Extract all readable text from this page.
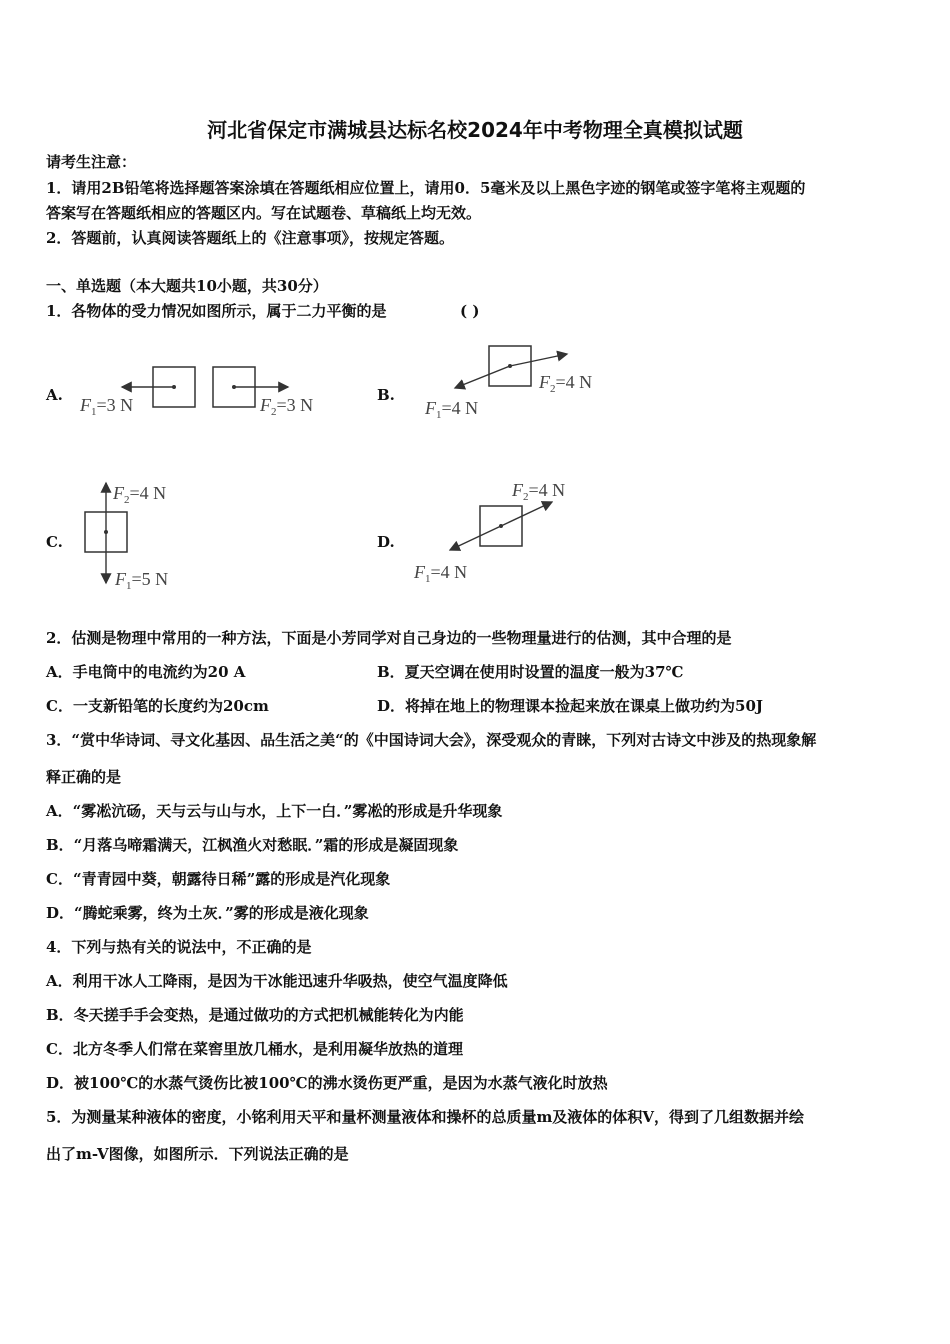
河北省保定市满城县达标名校2024年中考物理全真模拟试题
请考生注意：
1．请用2B铅笔将选择题答案涂填在答题纸相应位置上，请用0．5毫米及以上黑色字迹的钢笔或签字笔将主观题的
答案写在答题纸相应的答题区内。写在试题卷、草稿纸上均无效。
2．答题前，认真阅读答题纸上的《注意事项》，按规定答题。
一、单选题（本大题共10小题，共30分）
1．各物体的受力情况如图所示，属于二力平衡的是	( )
A.	B.
C.	D.
$F_1=3$ N	$F_2=3$ N
$F_2=4$ N
$F_1=4$ N
$F_2=4$ N
$F_1=5$ N
$F_2=4$ N
$F_1=4$ N
2．估测是物理中常用的一种方法，下面是小芳同学对自己身边的一些物理量进行的估测，其中合理的是
A．手电筒中的电流约为20 A	B．夏天空调在使用时设置的温度一般为37℃
C．一支新铅笔的长度约为20cm	D．将掉在地上的物理课本捡起来放在课桌上做功约为50J
3．“赏中华诗词、寻文化基因、品生活之美“的《中国诗词大会》，深受观众的青睐，下列对古诗文中涉及的热现象解
释正确的是
A．“雾凇沆砀，天与云与山与水，上下一白．”雾凇的形成是升华现象
B．“月落乌啼霜满天，江枫渔火对愁眠．”霜的形成是凝固现象
C．“青青园中葵，朝露待日稀”露的形成是汽化现象
D．“腾蛇乘雾，终为土灰．”雾的形成是液化现象
4．下列与热有关的说法中，不正确的是
A．利用干冰人工降雨，是因为干冰能迅速升华吸热，使空气温度降低
B．冬天搓手手会变热，是通过做功的方式把机械能转化为内能
C．北方冬季人们常在菜窖里放几桶水，是利用凝华放热的道理
D．被100℃的水蒸气烫伤比被100℃的沸水烫伤更严重，是因为水蒸气液化时放热
5．为测量某种液体的密度，小铭利用天平和量杯测量液体和操杯的总质量m及液体的体积V，得到了几组数据并绘
出了m-V图像，如图所示．下列说法正确的是
